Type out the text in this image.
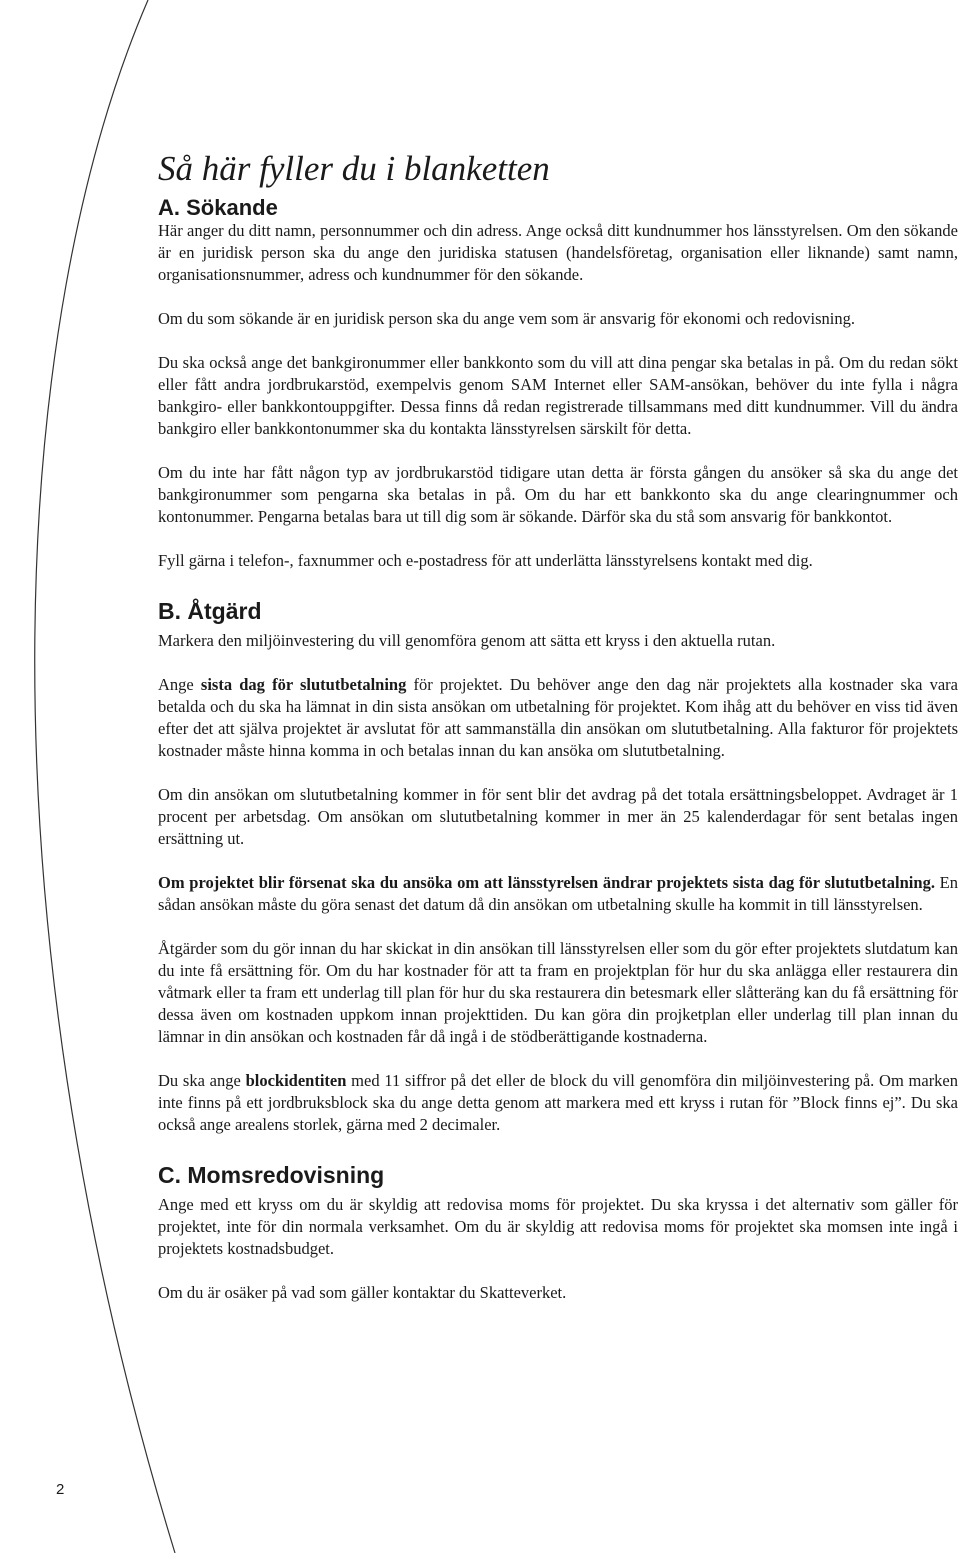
Så här fyller du i blanketten
A. Sökande

Här anger du ditt namn, personnummer och din adress. Ange också ditt kundnummer hos länsstyrelsen. Om den sökande är en juridisk person ska du ange den juridiska statusen (handelsföretag, organisation eller liknande) samt namn, organisationsnummer, adress och kundnummer för den sökande.

Om du som sökande är en juridisk person ska du ange vem som är ansvarig för ekonomi och redovisning.

Du ska också ange det bankgironummer eller bankkonto som du vill att dina pengar ska betalas in på. Om du redan sökt eller fått andra jordbrukarstöd, exempelvis genom SAM Internet eller SAM-ansökan, behöver du inte fylla i några bankgiro- eller bankkontouppgifter. Dessa finns då redan registrerade tillsammans med ditt kundnummer. Vill du ändra bankgiro eller bankkontonummer ska du kontakta länsstyrelsen särskilt för detta.

Om du inte har fått någon typ av jordbrukarstöd tidigare utan detta är första gången du ansöker så ska du ange det bankgironummer som pengarna ska betalas in på. Om du har ett bankkonto ska du ange clearingnummer och kontonummer. Pengarna betalas bara ut till dig som är sökande. Därför ska du stå som ansvarig för bankkontot.

Fyll gärna i telefon-, faxnummer och e-postadress för att underlätta länsstyrelsens kontakt med dig.

B. Åtgärd

Markera den miljöinvestering du vill genomföra genom att sätta ett kryss i den aktuella rutan.

Ange sista dag för slututbetalning för projektet. Du behöver ange den dag när projektets alla kostnader ska vara betalda och du ska ha lämnat in din sista ansökan om utbetalning för projektet. Kom ihåg att du behöver en viss tid även efter det att själva projektet är avslutat för att sammanställa din ansökan om slututbetalning. Alla fakturor för projektets kostnader måste hinna komma in och betalas innan du kan ansöka om slututbetalning.

Om din ansökan om slututbetalning kommer in för sent blir det avdrag på det totala ersättningsbeloppet. Avdraget är 1 procent per arbetsdag. Om ansökan om slututbetalning kommer in mer än 25 kalenderdagar för sent betalas ingen ersättning ut.

Om projektet blir försenat ska du ansöka om att länsstyrelsen ändrar projektets sista dag för slututbetalning. En sådan ansökan måste du göra senast det datum då din ansökan om utbetalning skulle ha kommit in till länsstyrelsen.

Åtgärder som du gör innan du har skickat in din ansökan till länsstyrelsen eller som du gör efter projektets slutdatum kan du inte få ersättning för. Om du har kostnader för att ta fram en projektplan för hur du ska anlägga eller restaurera din våtmark eller ta fram ett underlag till plan för hur du ska restaurera din betesmark eller slåtteräng kan du få ersättning för dessa även om kostnaden uppkom innan projekttiden. Du kan göra din projketplan eller underlag till plan innan du lämnar in din ansökan och kostnaden får då ingå i de stödberättigande kostnaderna.

Du ska ange blockidentiten med 11 siffror på det eller de block du vill genomföra din miljöinvestering på. Om marken inte finns på ett jordbruksblock ska du ange detta genom att markera med ett kryss i rutan för ”Block finns ej”. Du ska också ange arealens storlek, gärna med 2 decimaler.

C. Momsredovisning

Ange med ett kryss om du är skyldig att redovisa moms för projektet. Du ska kryssa i det alternativ som gäller för projektet, inte för din normala verksamhet. Om du är skyldig att redovisa moms för projektet ska momsen inte ingå i projektets kostnadsbudget.

Om du är osäker på vad som gäller kontaktar du Skatteverket.

2
